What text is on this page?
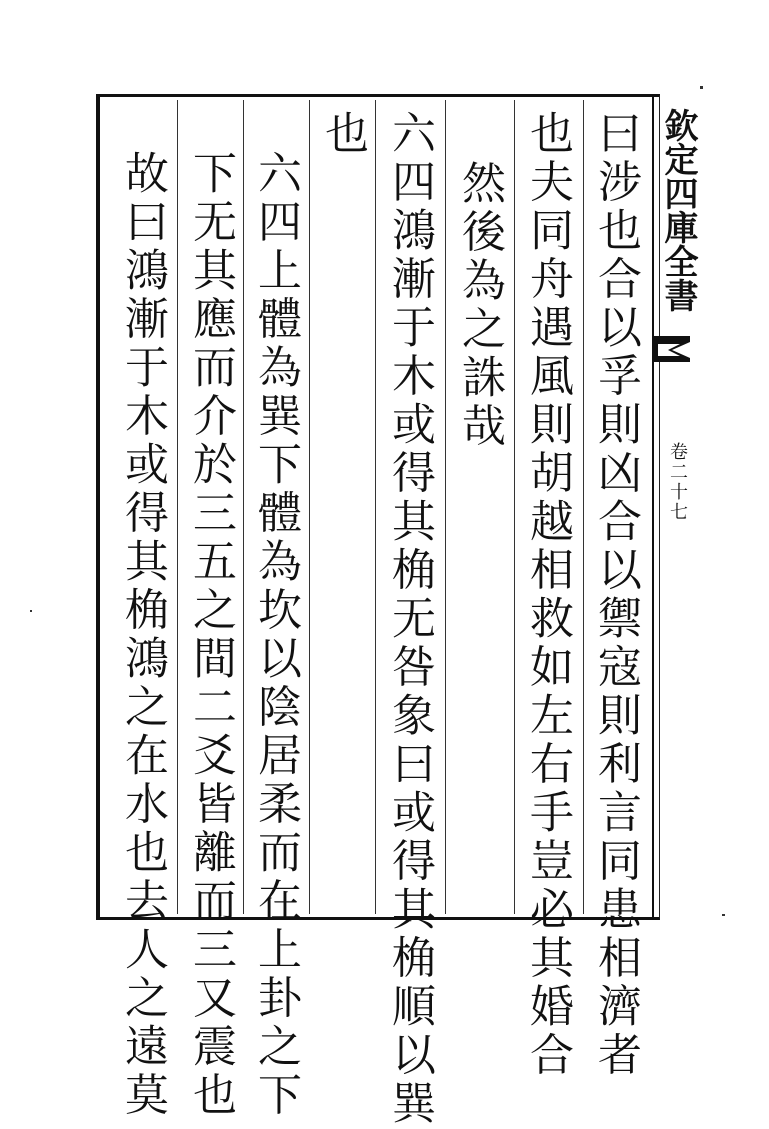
欽定四庫全書
卷二十七
曰涉也合以孚則凶合以禦寇則利言同患相濟者
也夫同舟遇風則胡越相救如左右手豈必其婚合
然後為之誅哉
六四鴻漸于木或得其桷无咎象曰或得其桷順以巽
也
六四上體為巽下體為坎以陰居柔而在上卦之下
下无其應而介於三五之間二爻皆離而三又震也
故曰鴻漸于木或得其桷鴻之在水也去人之遠莫
